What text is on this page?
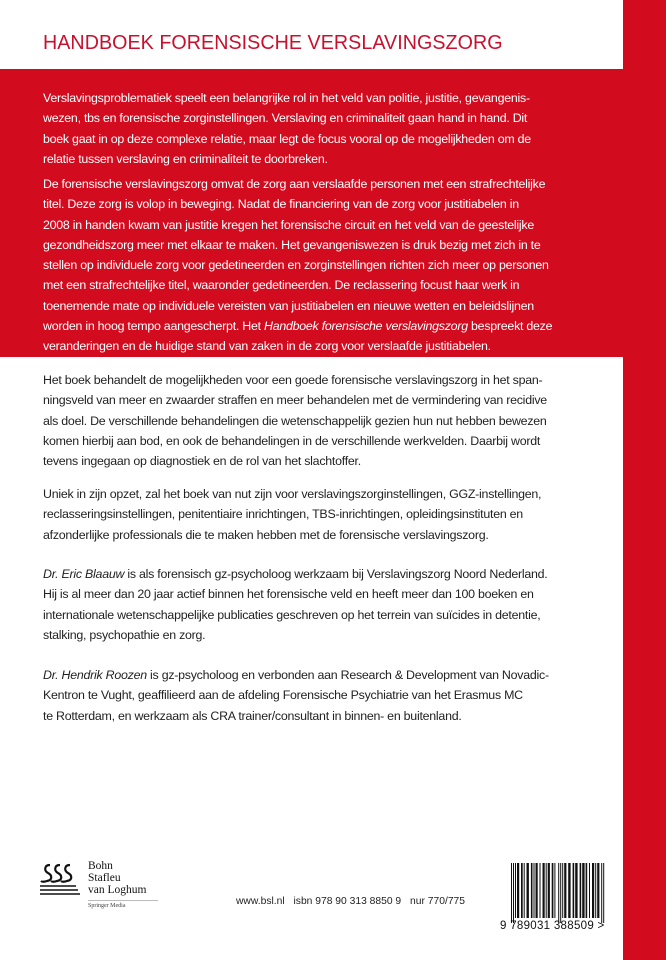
HANDBOEK FORENSISCHE VERSLAVINGSZORG
Verslavingsproblematiek speelt een belangrijke rol in het veld van politie, justitie, gevangenis-
wezen, tbs en forensische zorginstellingen. Verslaving en criminaliteit gaan hand in hand. Dit
boek gaat in op deze complexe relatie, maar legt de focus vooral op de mogelijkheden om de
relatie tussen verslaving en criminaliteit te doorbreken.
De forensische verslavingszorg omvat de zorg aan verslaafde personen met een strafrechtelijke
titel. Deze zorg is volop in beweging. Nadat de financiering van de zorg voor justitiabelen in
2008 in handen kwam van justitie kregen het forensische circuit en het veld van de geestelijke
gezondheidszorg meer met elkaar te maken. Het gevangeniswezen is druk bezig met zich in te
stellen op individuele zorg voor gedetineerden en zorginstellingen richten zich meer op personen
met een strafrechtelijke titel, waaronder gedetineerden. De reclassering focust haar werk in
toenemende mate op individuele vereisten van justitiabelen en nieuwe wetten en beleidslijnen
worden in hoog tempo aangescherpt. Het Handboek forensische verslavingszorg bespreekt deze
veranderingen en de huidige stand van zaken in de zorg voor verslaafde justitiabelen.
Het boek behandelt de mogelijkheden voor een goede forensische verslavingszorg in het span-
ningsveld van meer en zwaarder straffen en meer behandelen met de vermindering van recidive
als doel. De verschillende behandelingen die wetenschappelijk gezien hun nut hebben bewezen
komen hierbij aan bod, en ook de behandelingen in de verschillende werkvelden. Daarbij wordt
tevens ingegaan op diagnostiek en de rol van het slachtoffer.
Uniek in zijn opzet, zal het boek van nut zijn voor verslavingszorginstellingen, GGZ-instellingen,
reclasseringsinstellingen, penitentiaire inrichtingen, TBS-inrichtingen, opleidingsinstituten en
afzonderlijke professionals die te maken hebben met de forensische verslavingszorg.
Dr. Eric Blaauw is als forensisch gz-psycholoog werkzaam bij Verslavingszorg Noord Nederland.
Hij is al meer dan 20 jaar actief binnen het forensische veld en heeft meer dan 100 boeken en
internationale wetenschappelijke publicaties geschreven op het terrein van suïcides in detentie,
stalking, psychopathie en zorg.
Dr. Hendrik Roozen is gz-psycholoog en verbonden aan Research & Development van Novadic-
Kentron te Vught, geaffilieerd aan de afdeling Forensische Psychiatrie van het Erasmus MC
te Rotterdam, en werkzaam als CRA trainer/consultant in binnen- en buitenland.
Bohn
Stafleu
van Loghum
Springer Media	www.bsl.nl isbn 978 90 313 8850 9 nur 770/775
9 789031 388509 >
